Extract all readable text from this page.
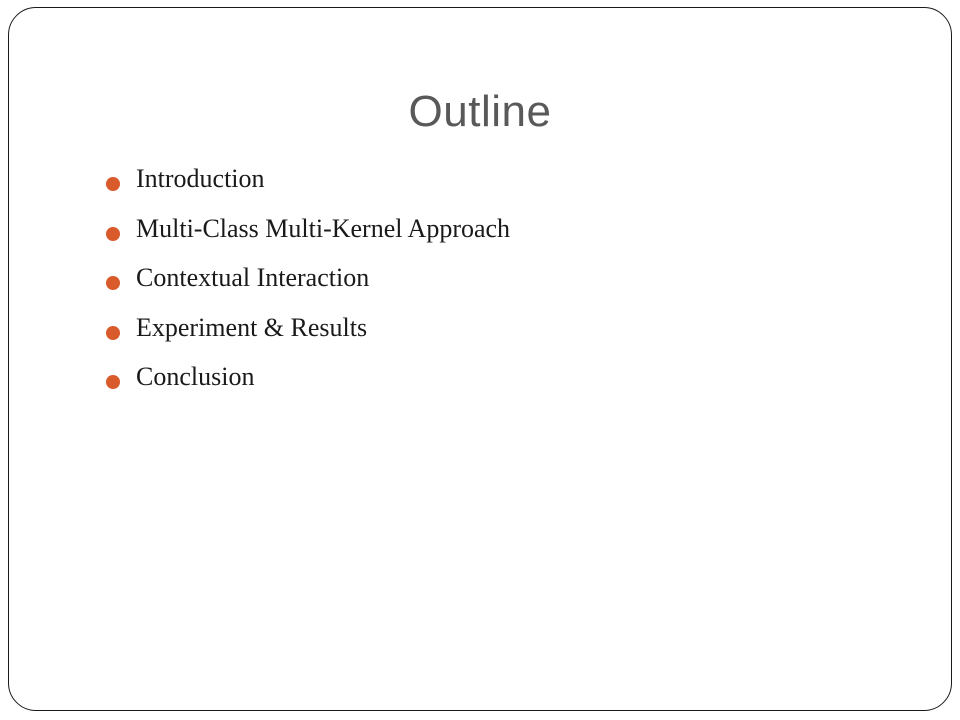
Outline
Introduction
Multi-Class Multi-Kernel Approach
Contextual Interaction
Experiment & Results
Conclusion
